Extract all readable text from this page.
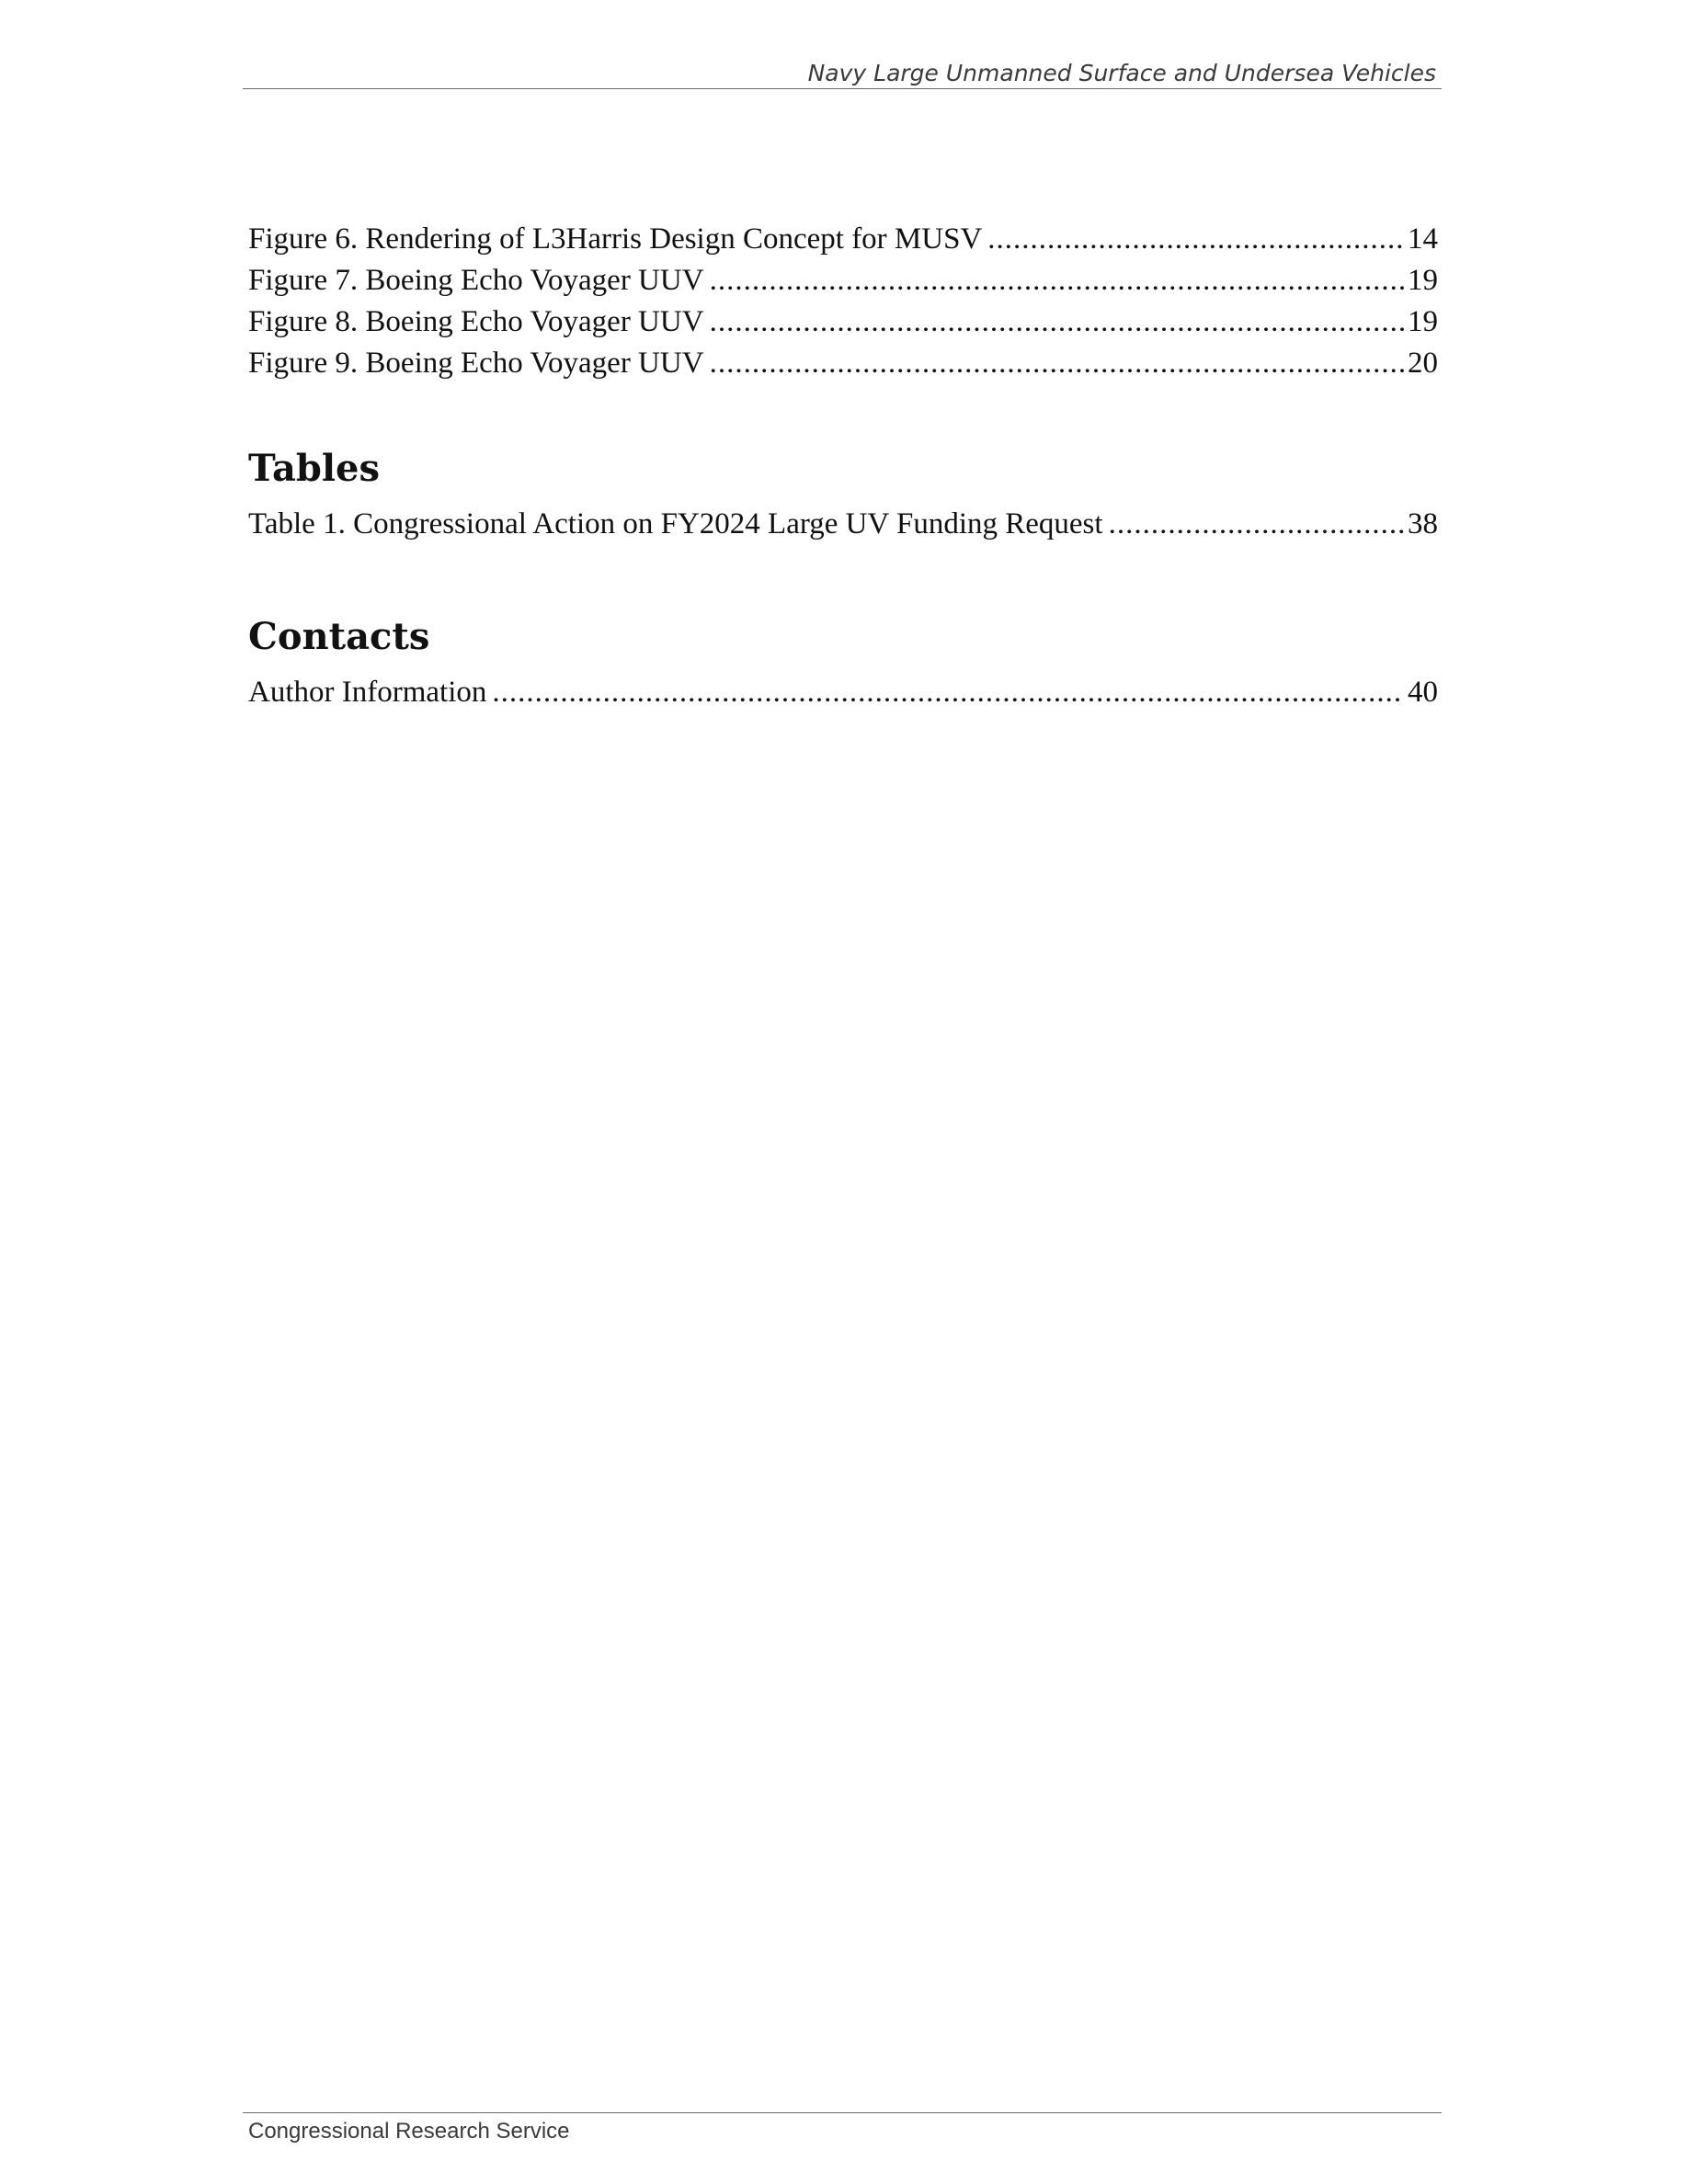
Navy Large Unmanned Surface and Undersea Vehicles
Figure 6. Rendering of L3Harris Design Concept for MUSV .....	14
Figure 7. Boeing Echo Voyager UUV .....	19
Figure 8. Boeing Echo Voyager UUV .....	19
Figure 9. Boeing Echo Voyager UUV .....	20
Tables
Table 1. Congressional Action on FY2024 Large UV Funding Request .....	38
Contacts
Author Information .....	40
Congressional Research Service
